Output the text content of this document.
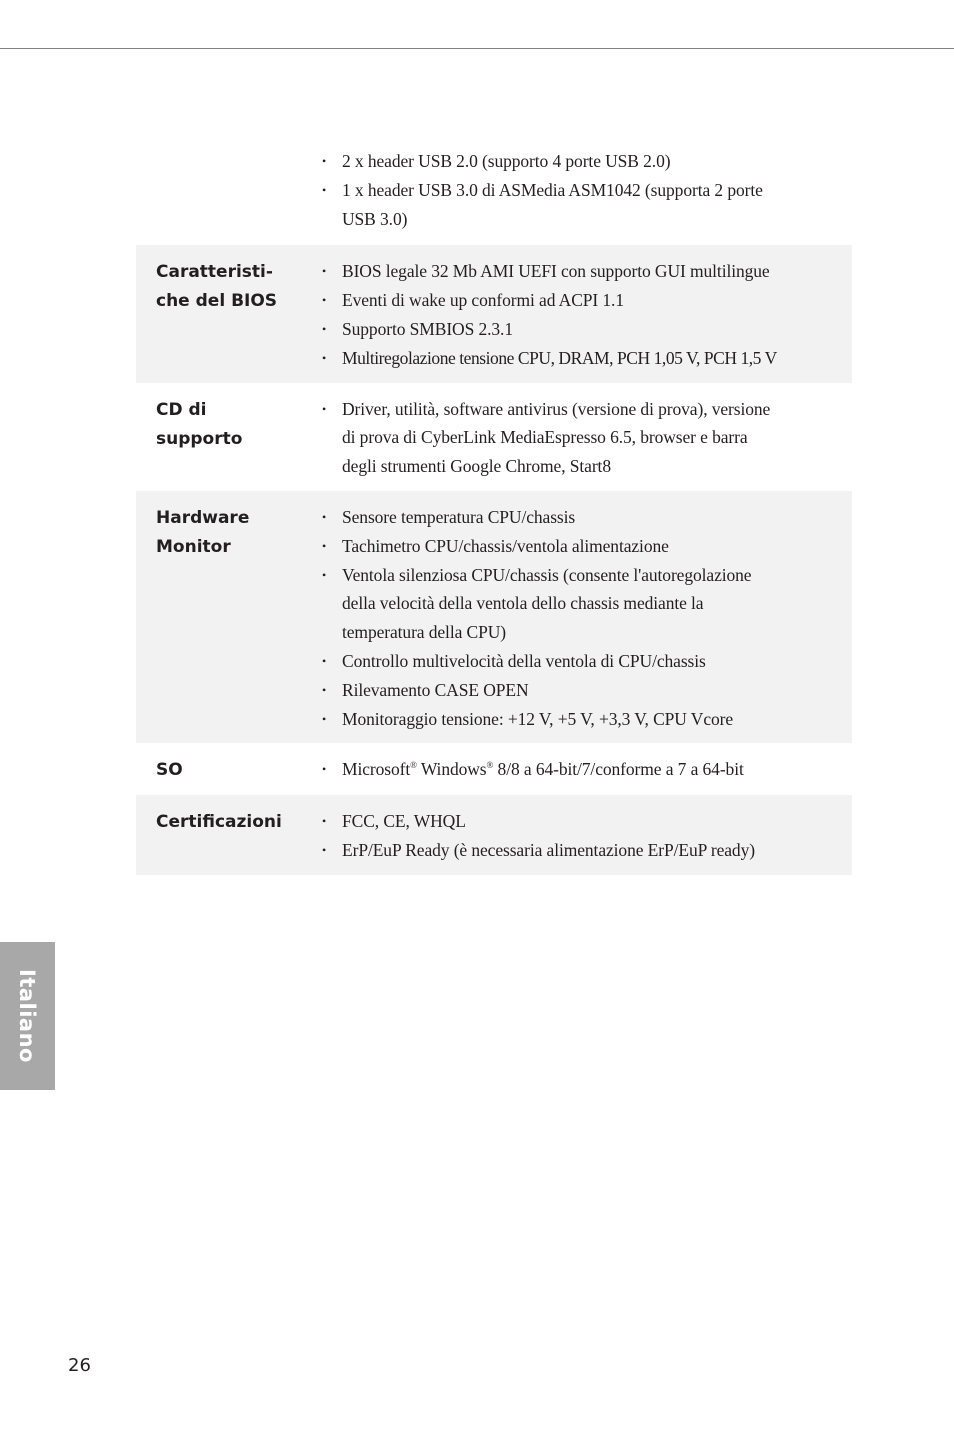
• 2 x header USB 2.0 (supporto 4 porte USB 2.0)
• 1 x header USB 3.0 di ASMedia ASM1042 (supporta 2 porte
USB 3.0)
Caratteristi-
che del BIOS
• BIOS legale 32 Mb AMI UEFI con supporto GUI multilingue
• Eventi di wake up conformi ad ACPI 1.1
• Supporto SMBIOS 2.3.1
• Multiregolazione tensione CPU, DRAM, PCH 1,05 V, PCH 1,5 V
CD di
supporto
• Driver, utilità, software antivirus (versione di prova), versione
di prova di CyberLink MediaEspresso 6.5, browser e barra
degli strumenti Google Chrome, Start8
Hardware
Monitor
• Sensore temperatura CPU/chassis
• Tachimetro CPU/chassis/ventola alimentazione
• Ventola silenziosa CPU/chassis (consente l'autoregolazione
della velocità della ventola dello chassis mediante la
temperatura della CPU)
• Controllo multivelocità della ventola di CPU/chassis
• Rilevamento CASE OPEN
• Monitoraggio tensione: +12 V, +5 V, +3,3 V, CPU Vcore
SO	• Microsoft® Windows® 8/8 a 64-bit/7/conforme a 7 a 64-bit
Certificazioni	• FCC, CE, WHQL
• ErP/EuP Ready (è necessaria alimentazione ErP/EuP ready)
Italiano
26
